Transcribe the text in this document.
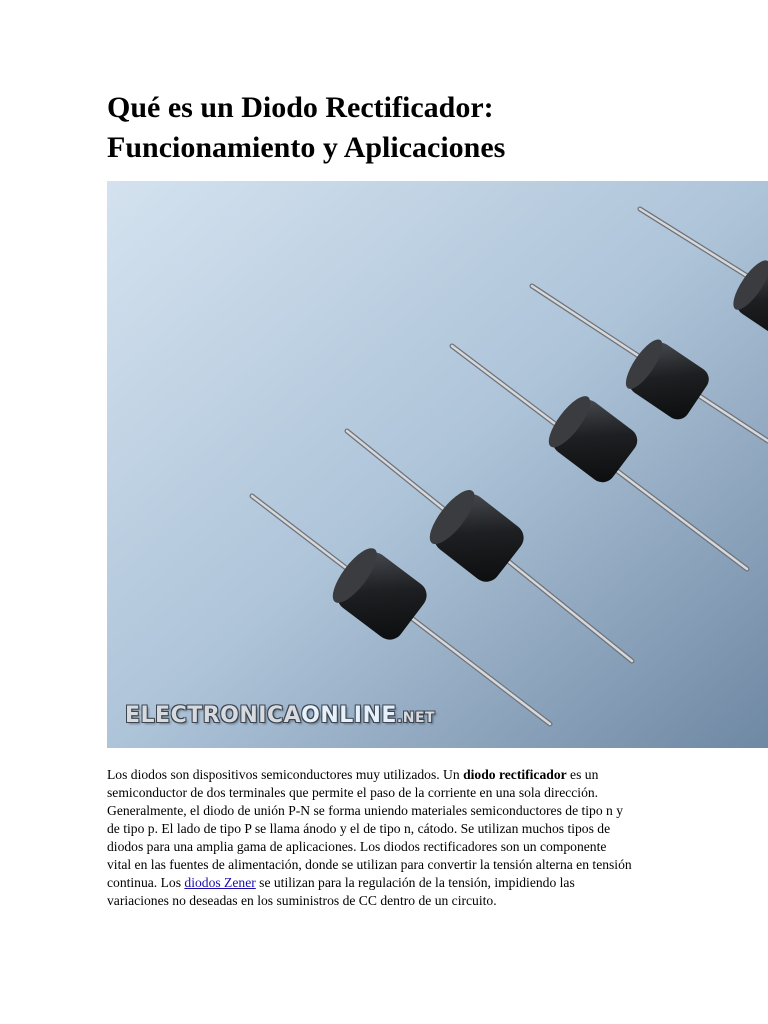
Qué es un Diodo Rectificador:
Funcionamiento y Aplicaciones
ELECTRONICAONLINE.NET

Los diodos son dispositivos semiconductores muy utilizados. Un diodo rectificador es un semiconductor de dos terminales que permite el paso de la corriente en una sola dirección. Generalmente, el diodo de unión P-N se forma uniendo materiales semiconductores de tipo n y de tipo p. El lado de tipo P se llama ánodo y el de tipo n, cátodo. Se utilizan muchos tipos de diodos para una amplia gama de aplicaciones. Los diodos rectificadores son un componente vital en las fuentes de alimentación, donde se utilizan para convertir la tensión alterna en tensión continua. Los diodos Zener se utilizan para la regulación de la tensión, impidiendo las variaciones no deseadas en los suministros de CC dentro de un circuito.
